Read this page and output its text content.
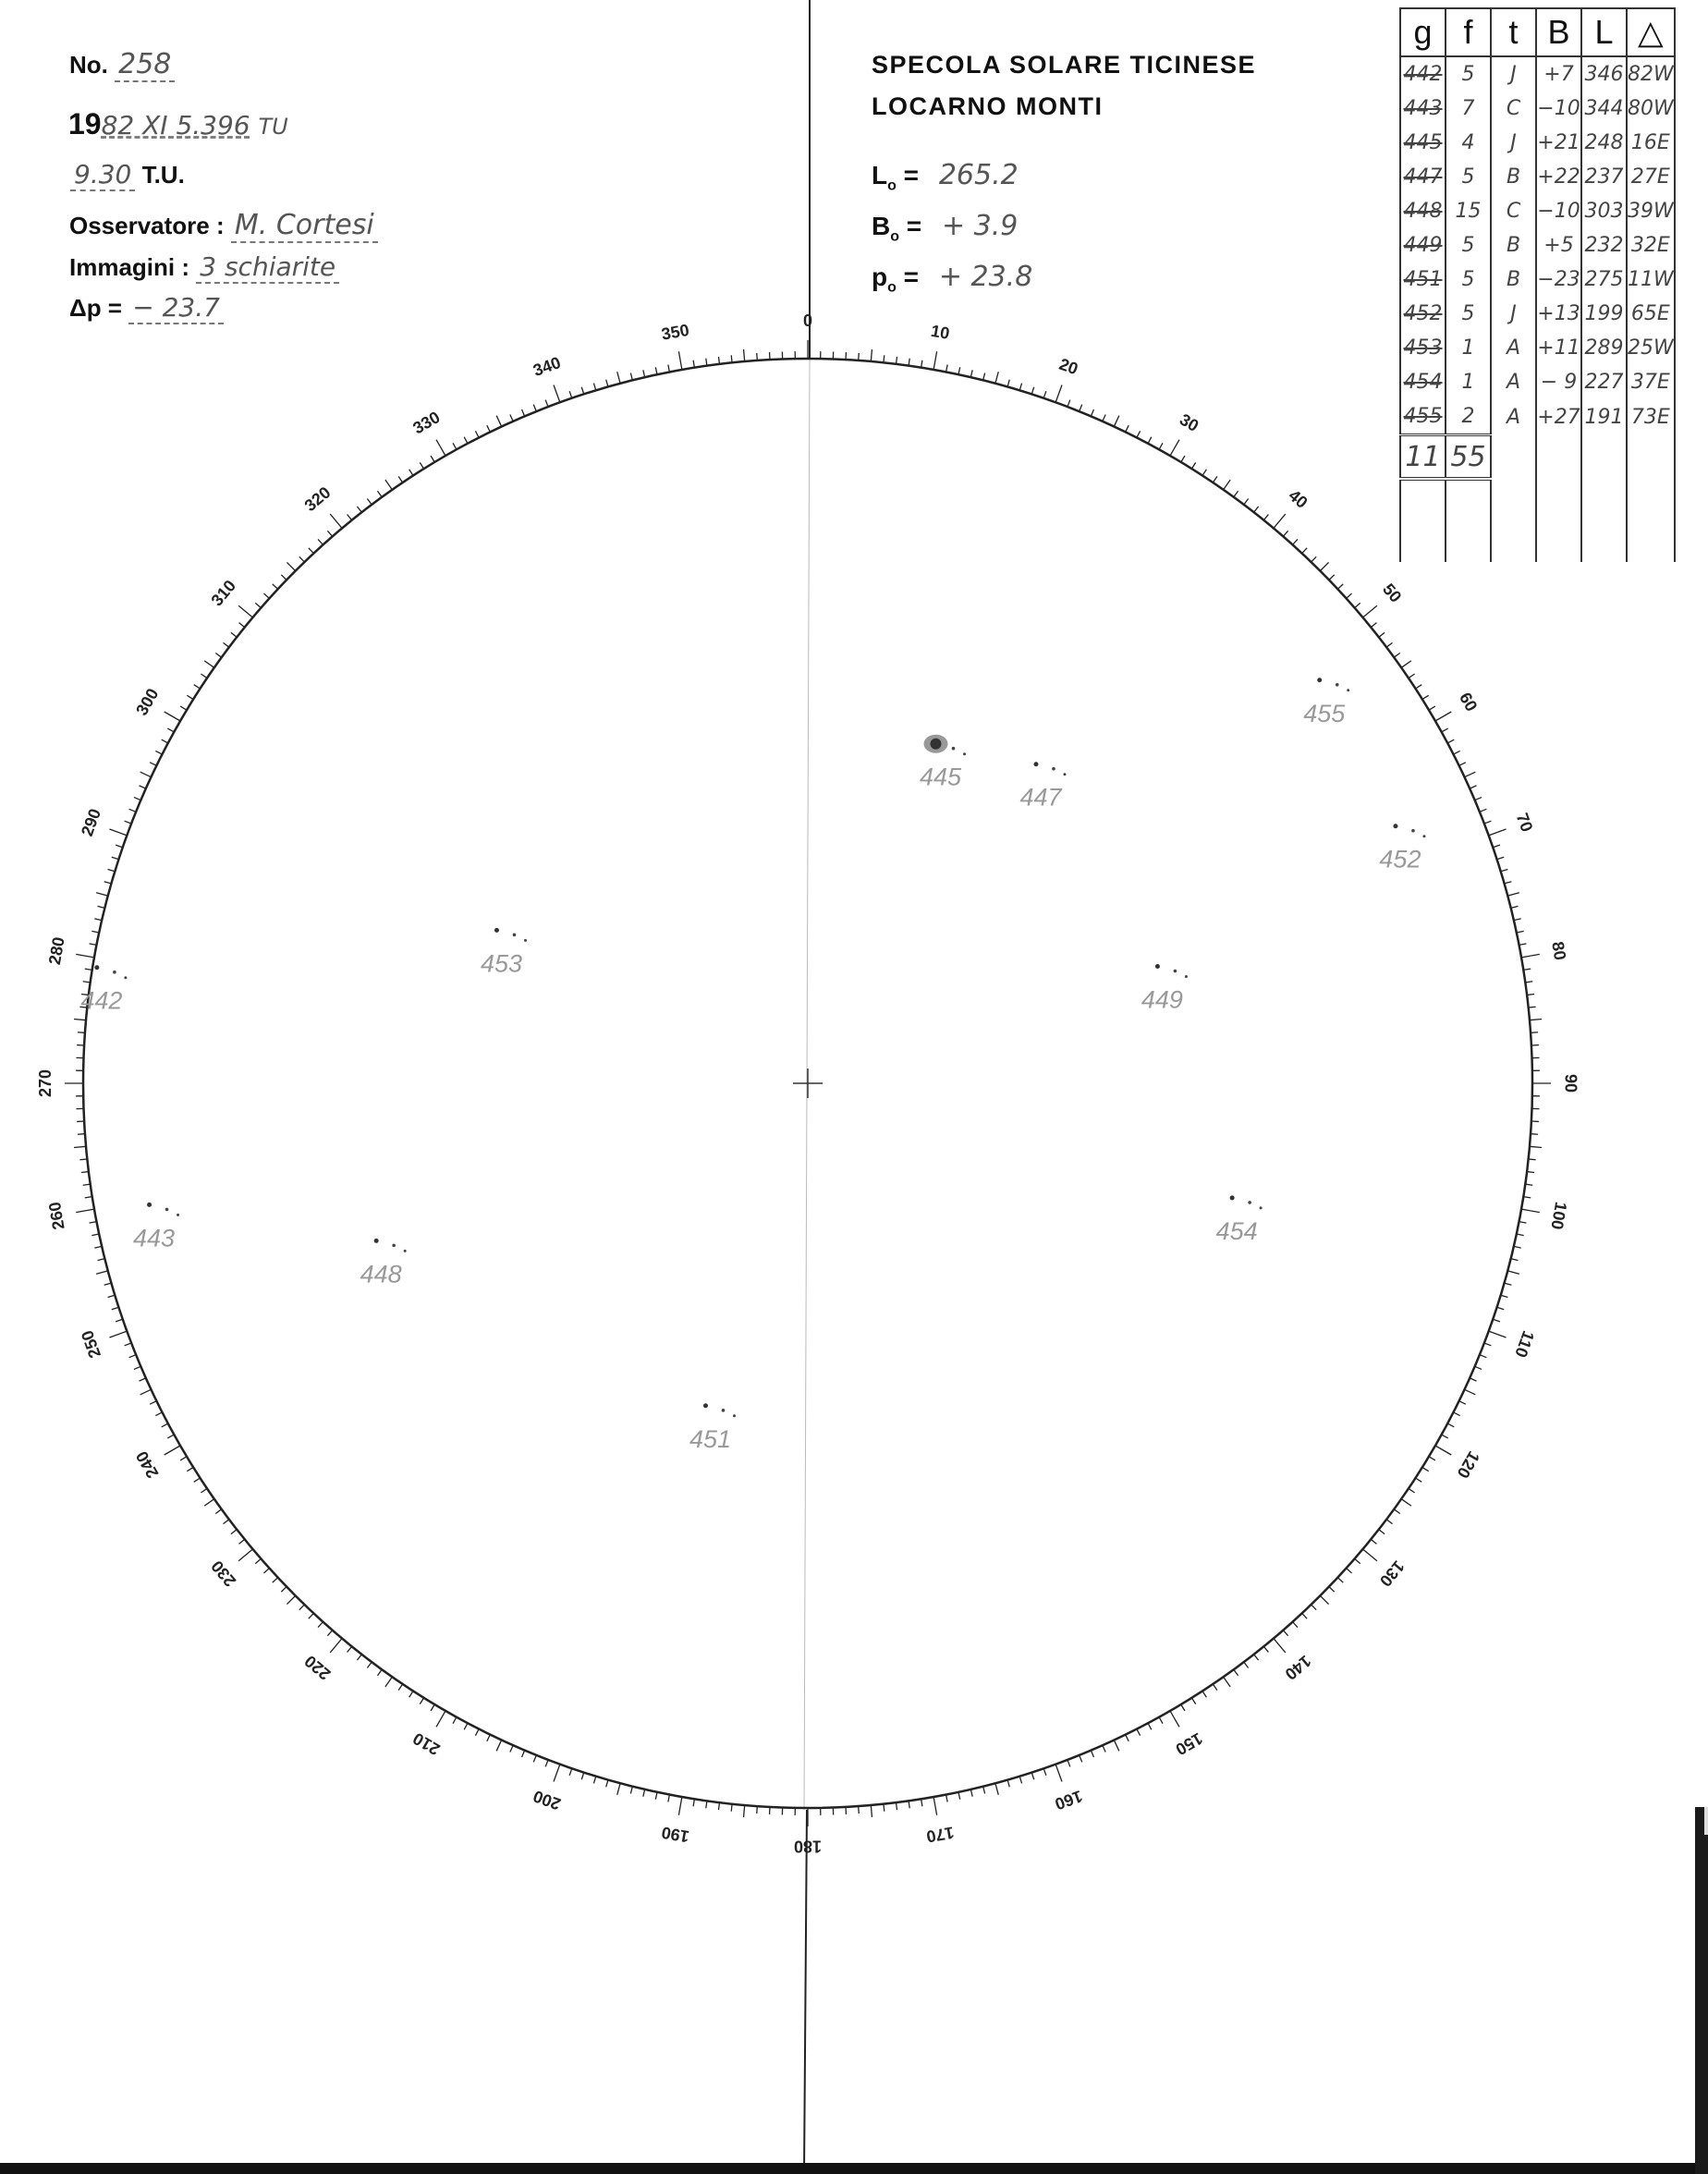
No. 258
1982 XI 5.396 TU
9.30 T.U.
Osservatore : M. Cortesi
Immagini : 3 schiarite
Δp = − 23.7
SPECOLA SOLARE TICINESE
LOCARNO MONTI
$L_o = 265.2$
$B_o$ = + 3.9
$p_o$ = + 23.8
g	f	t	B	L	△
442	5	J	+7	346	82W
443	7	C	−10	344	80W
445	4	J	+21	248	16E
447	5	B	+22	237	27E
448	15	C	−10	303	39W
449	5	B	+5	232	32E
451	5	B	−23	275	11W
452	5	J	+13	199	65E
453	1	A	+11	289	25W
454	1	A	− 9	227	37E
455	2	A	+27	191	73E
11	55				

0
10
20
30
40
50
60
70
80
90
100
110
120
130
140
150
160
170
180
190
200
210
220
230
240
250
260
270
280
290
300
310
320
330
340
350
442
443
445
447
448
449
451
452
453
454
455
